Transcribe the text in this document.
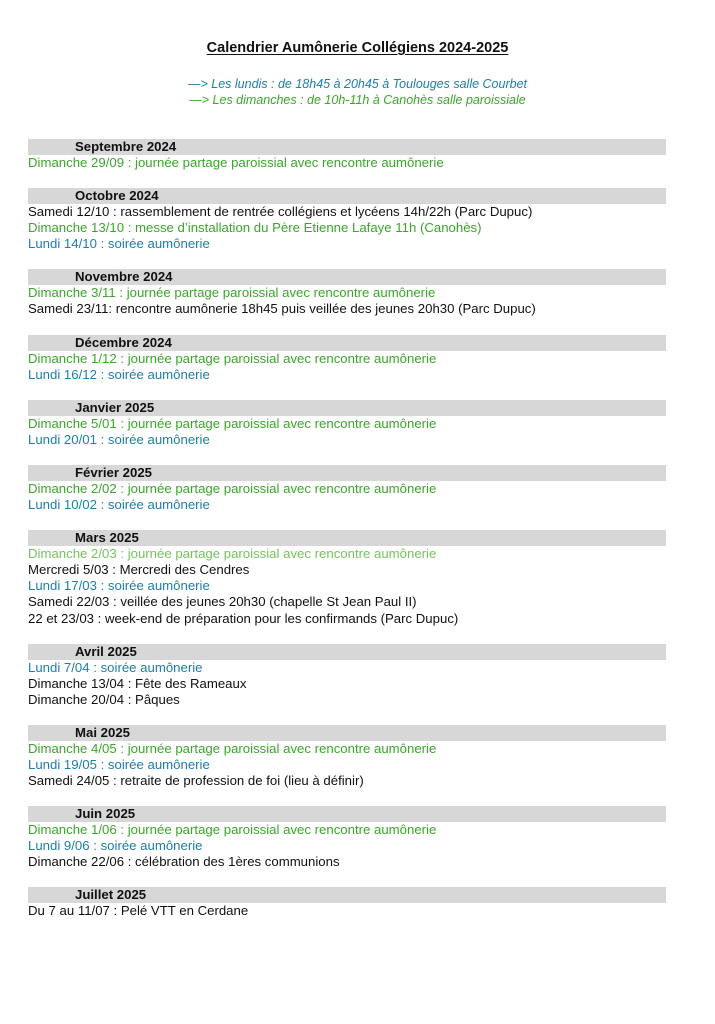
Calendrier Aumônerie Collégiens 2024-2025
—> Les lundis : de 18h45 à 20h45 à Toulouges salle Courbet
—> Les dimanches : de 10h-11h à Canohès salle paroissiale
Septembre 2024
Dimanche 29/09 : journée partage paroissial avec rencontre aumônerie
Octobre 2024
Samedi 12/10 : rassemblement de rentrée collégiens et lycéens 14h/22h (Parc Dupuc)
Dimanche 13/10 : messe d’installation du Père Etienne Lafaye 11h (Canohès)
Lundi 14/10 : soirée aumônerie
Novembre 2024
Dimanche 3/11 : journée partage paroissial avec rencontre aumônerie
Samedi 23/11: rencontre aumônerie 18h45 puis veillée des jeunes 20h30 (Parc Dupuc)
Décembre 2024
Dimanche 1/12 : journée partage paroissial avec rencontre aumônerie
Lundi 16/12 : soirée aumônerie
Janvier 2025
Dimanche 5/01 : journée partage paroissial avec rencontre aumônerie
Lundi 20/01 : soirée aumônerie
Février 2025
Dimanche 2/02 : journée partage paroissial avec rencontre aumônerie
Lundi 10/02 : soirée aumônerie
Mars 2025
Dimanche 2/03 : journée partage paroissial avec rencontre aumônerie
Mercredi 5/03 : Mercredi des Cendres
Lundi 17/03 : soirée aumônerie
Samedi 22/03 : veillée des jeunes 20h30 (chapelle St Jean Paul II)
22 et 23/03 : week-end de préparation pour les confirmands (Parc Dupuc)
Avril 2025
Lundi 7/04 : soirée aumônerie
Dimanche 13/04 : Fête des Rameaux
Dimanche 20/04 : Pâques
Mai 2025
Dimanche 4/05 : journée partage paroissial avec rencontre aumônerie
Lundi 19/05 : soirée aumônerie
Samedi 24/05 : retraite de profession de foi (lieu à définir)
Juin 2025
Dimanche 1/06 : journée partage paroissial avec rencontre aumônerie
Lundi 9/06 : soirée aumônerie
Dimanche 22/06 : célébration des 1ères communions
Juillet 2025
Du 7 au 11/07 : Pelé VTT en Cerdane
